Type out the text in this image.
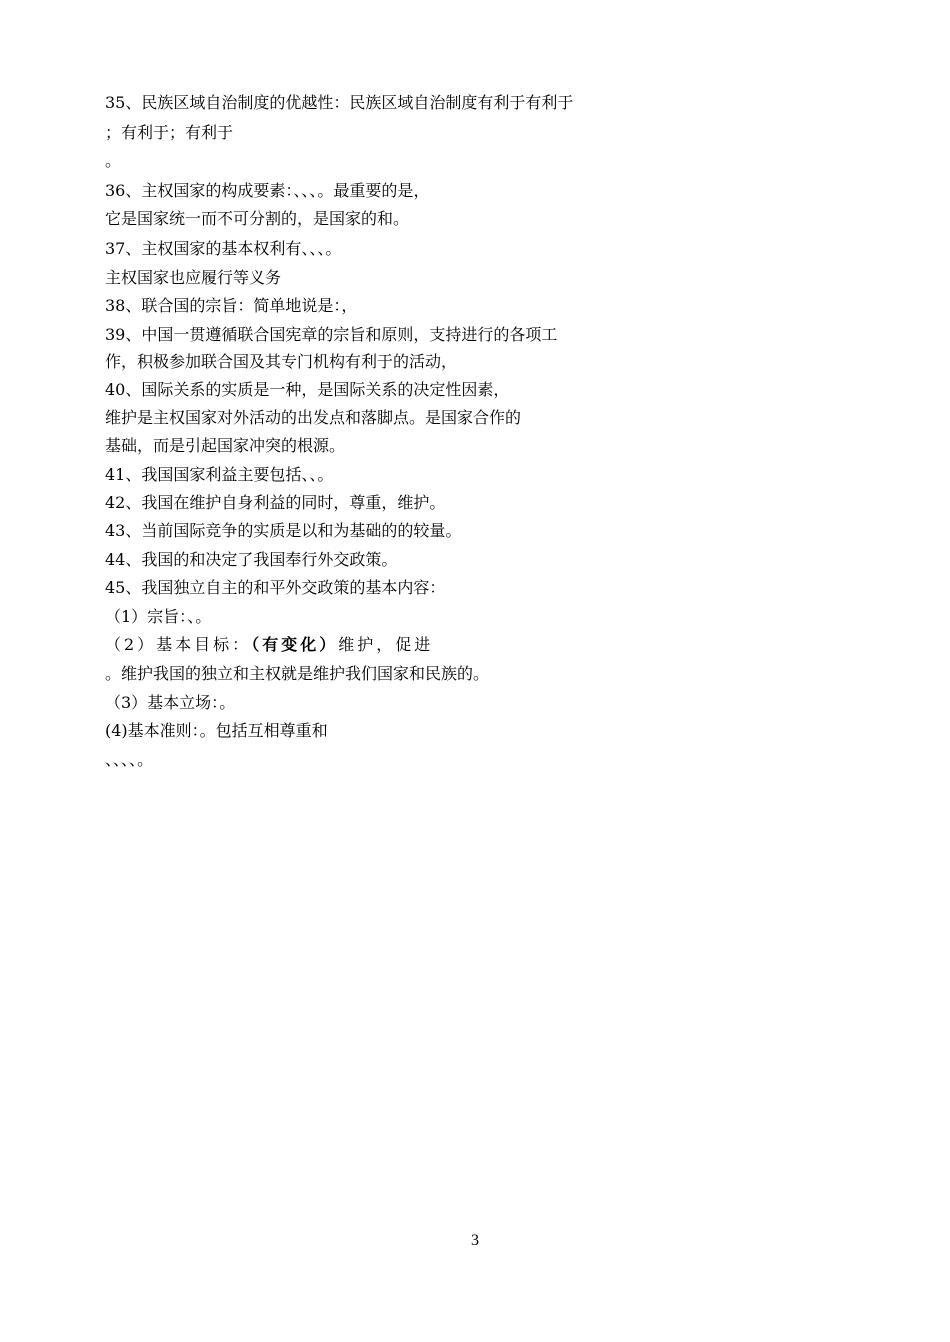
35、民族区域自治制度的优越性：民族区域自治制度有利于有利于
；有利于；有利于
。
36、主权国家的构成要素：、、、。最重要的是，
它是国家统一而不可分割的，是国家的和。
37、主权国家的基本权利有、、、。
主权国家也应履行等义务
38、联合国的宗旨：简单地说是：，
39、中国一贯遵循联合国宪章的宗旨和原则，支持进行的各项工
作，积极参加联合国及其专门机构有利于的活动，
40、国际关系的实质是一种，是国际关系的决定性因素，
维护是主权国家对外活动的出发点和落脚点。是国家合作的
基础，而是引起国家冲突的根源。
41、我国国家利益主要包括、、。
42、我国在维护自身利益的同时，尊重，维护。
43、当前国际竞争的实质是以和为基础的的较量。
44、我国的和决定了我国奉行外交政策。
45、我国独立自主的和平外交政策的基本内容：
（1）宗旨：、。
（2）基本目标：（有变化）维护，促进
。维护我国的独立和主权就是维护我们国家和民族的。
（3）基本立场：。
(4)基本准则：。包括互相尊重和
、、、、。
3
